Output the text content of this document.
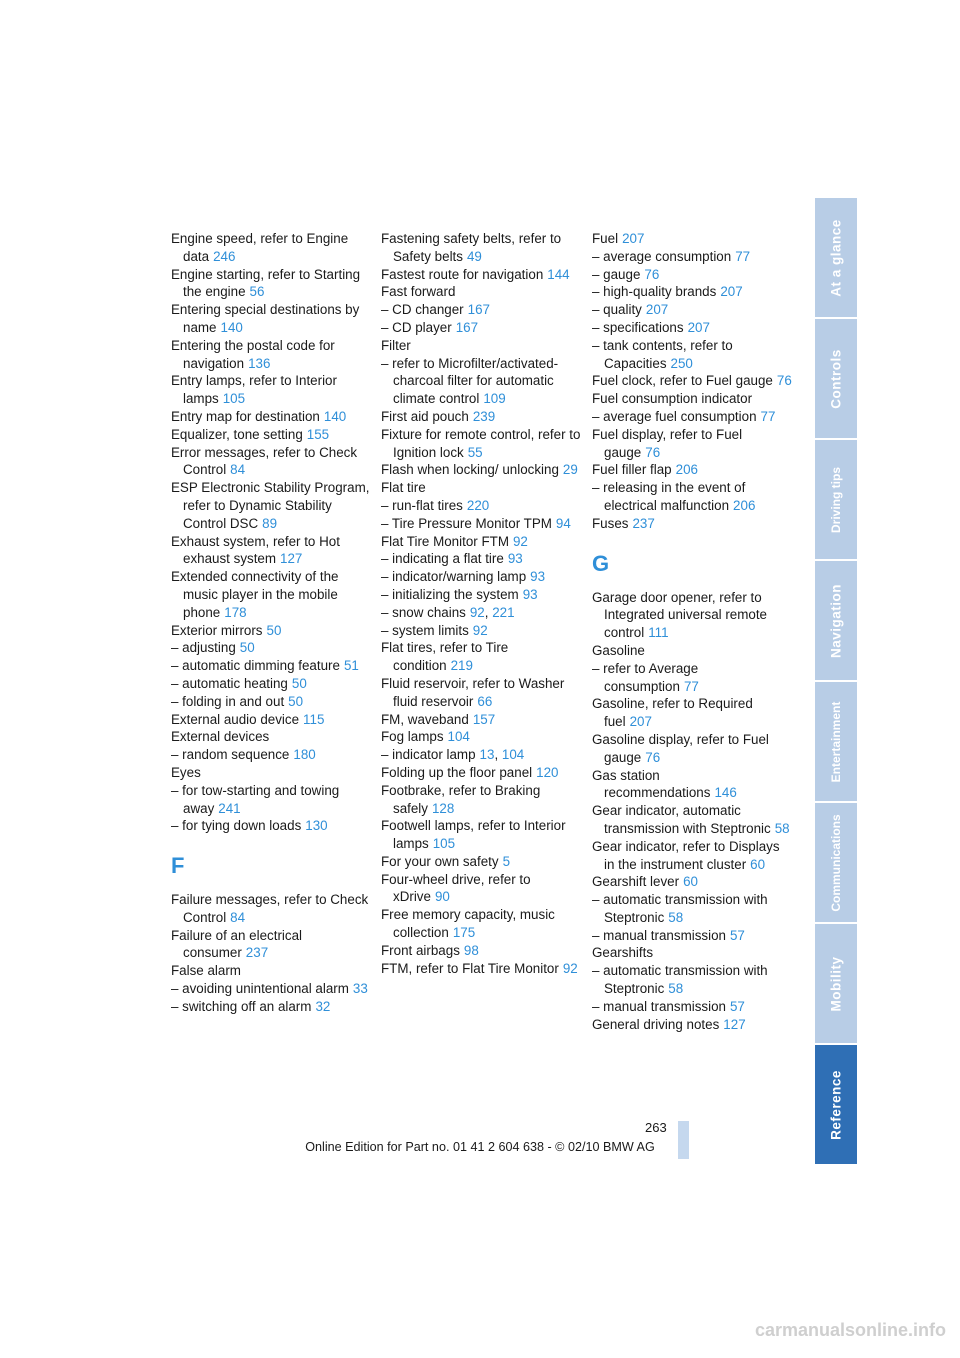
Engine speed, refer to Engine data 246
Engine starting, refer to Starting the engine 56
Entering special destinations by name 140
Entering the postal code for navigation 136
Entry lamps, refer to Interior lamps 105
Entry map for destination 140
Equalizer, tone setting 155
Error messages, refer to Check Control 84
ESP Electronic Stability Program, refer to Dynamic Stability Control DSC 89
Exhaust system, refer to Hot exhaust system 127
Extended connectivity of the music player in the mobile phone 178
Exterior mirrors 50
– adjusting 50
– automatic dimming feature 51
– automatic heating 50
– folding in and out 50
External audio device 115
External devices
– random sequence 180
Eyes
– for tow-starting and towing away 241
– for tying down loads 130
F
Failure messages, refer to Check Control 84
Failure of an electrical consumer 237
False alarm
– avoiding unintentional alarm 33
– switching off an alarm 32
Fastening safety belts, refer to Safety belts 49
Fastest route for navigation 144
Fast forward
– CD changer 167
– CD player 167
Filter
– refer to Microfilter/activated-charcoal filter for automatic climate control 109
First aid pouch 239
Fixture for remote control, refer to Ignition lock 55
Flash when locking/ unlocking 29
Flat tire
– run-flat tires 220
– Tire Pressure Monitor TPM 94
Flat Tire Monitor FTM 92
– indicating a flat tire 93
– indicator/warning lamp 93
– initializing the system 93
– snow chains 92, 221
– system limits 92
Flat tires, refer to Tire condition 219
Fluid reservoir, refer to Washer fluid reservoir 66
FM, waveband 157
Fog lamps 104
– indicator lamp 13, 104
Folding up the floor panel 120
Footbrake, refer to Braking safely 128
Footwell lamps, refer to Interior lamps 105
For your own safety 5
Four-wheel drive, refer to xDrive 90
Free memory capacity, music collection 175
Front airbags 98
FTM, refer to Flat Tire Monitor 92
Fuel 207
– average consumption 77
– gauge 76
– high-quality brands 207
– quality 207
– specifications 207
– tank contents, refer to Capacities 250
Fuel clock, refer to Fuel gauge 76
Fuel consumption indicator
– average fuel consumption 77
Fuel display, refer to Fuel gauge 76
Fuel filler flap 206
– releasing in the event of electrical malfunction 206
Fuses 237
G
Garage door opener, refer to Integrated universal remote control 111
Gasoline
– refer to Average consumption 77
Gasoline, refer to Required fuel 207
Gasoline display, refer to Fuel gauge 76
Gas station recommendations 146
Gear indicator, automatic transmission with Steptronic 58
Gear indicator, refer to Displays in the instrument cluster 60
Gearshift lever 60
– automatic transmission with Steptronic 58
– manual transmission 57
Gearshifts
– automatic transmission with Steptronic 58
– manual transmission 57
General driving notes 127
At a glance
Controls
Driving tips
Navigation
Entertainment
Communications
Mobility
Reference
263
Online Edition for Part no. 01 41 2 604 638 - © 02/10 BMW AG
carmanualsonline.info
